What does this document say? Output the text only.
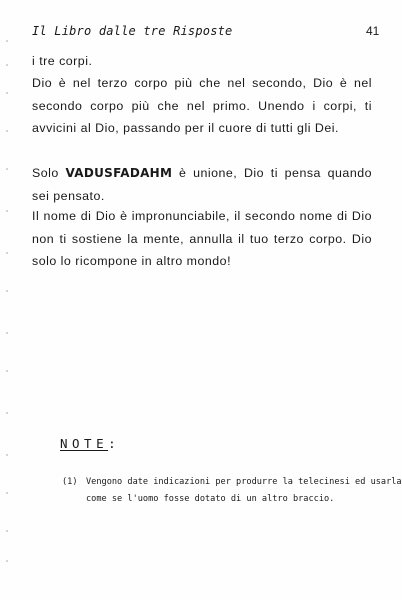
Il Libro dalle tre Risposte	41

i tre corpi.

Dio è nel terzo corpo più che nel secondo, Dio è nel secondo corpo più che nel primo. Unendo i corpi, ti avvicini al Dio, passando per il cuore di tutti gli Dei.

Solo VADUSFADAHM è unione, Dio ti pensa quando sei pensato.

Il nome di Dio è impronunciabile, il secondo nome di Dio non ti sostiene la mente, annulla il tuo terzo corpo. Dio solo lo ricompone in altro mondo!

NOTE:
(1) Vengono date indicazioni per produrre la telecinesi ed usarla
come se l'uomo fosse dotato di un altro braccio.
